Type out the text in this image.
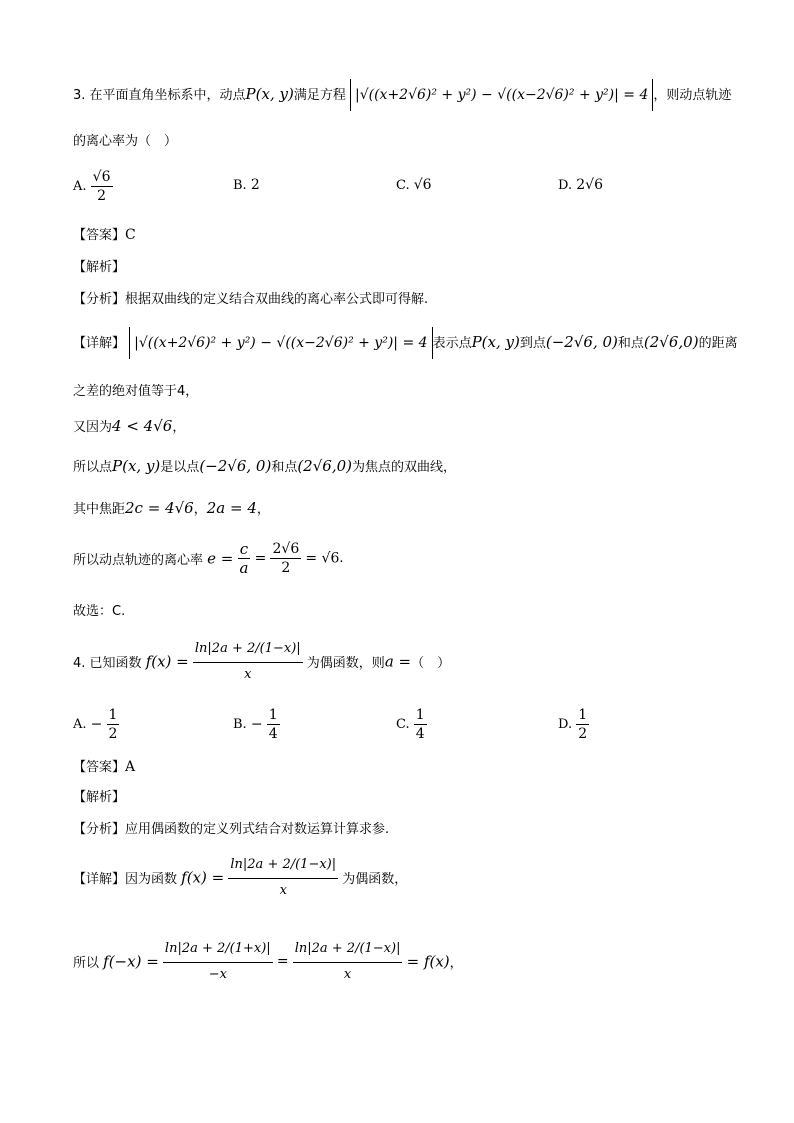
3. 在平面直角坐标系中，动点P(x, y)满足方程 |√((x+2√6)² + y²) − √((x−2√6)² + y²)| = 4 ，则动点轨迹
的离心率为（　）
A. $\frac{√6}{2}$	B. 2	C. √6	D. 2√6
【答案】C
【解析】
【分析】根据双曲线的定义结合双曲线的离心率公式即可得解.
【详解】 |√((x+2√6)² + y²) − √((x−2√6)² + y²)| = 4 表示点P(x, y)到点(−2√6, 0)和点(2√6,0)的距离
之差的绝对值等于4，
又因为4 < 4√6，
所以点P(x, y)是以点(−2√6, 0)和点(2√6,0)为焦点的双曲线，
其中焦距2c = 4√6，2a = 4，
所以动点轨迹的离心率 $e = \frac{c}{a} = \frac{2√6}{2} = √6$.
故选：C.
4. 已知函数 $f(x) = \frac{\ln|2a + 2/(1-x)|}{x}$ 为偶函数，则a =（　）
A. − $\frac{1}{2}$	B. − $\frac{1}{4}$	C. $\frac{1}{4}$	D. $\frac{1}{2}$
【答案】A
【解析】
【分析】应用偶函数的定义列式结合对数运算计算求参.
【详解】因为函数 $f(x) = \frac{\ln|2a + 2/(1-x)|}{x}$ 为偶函数，
所以 $f(-x) = \frac{\ln|2a + 2/(1+x)|}{-x} = \frac{\ln|2a + 2/(1-x)|}{x} = f(x)$，
